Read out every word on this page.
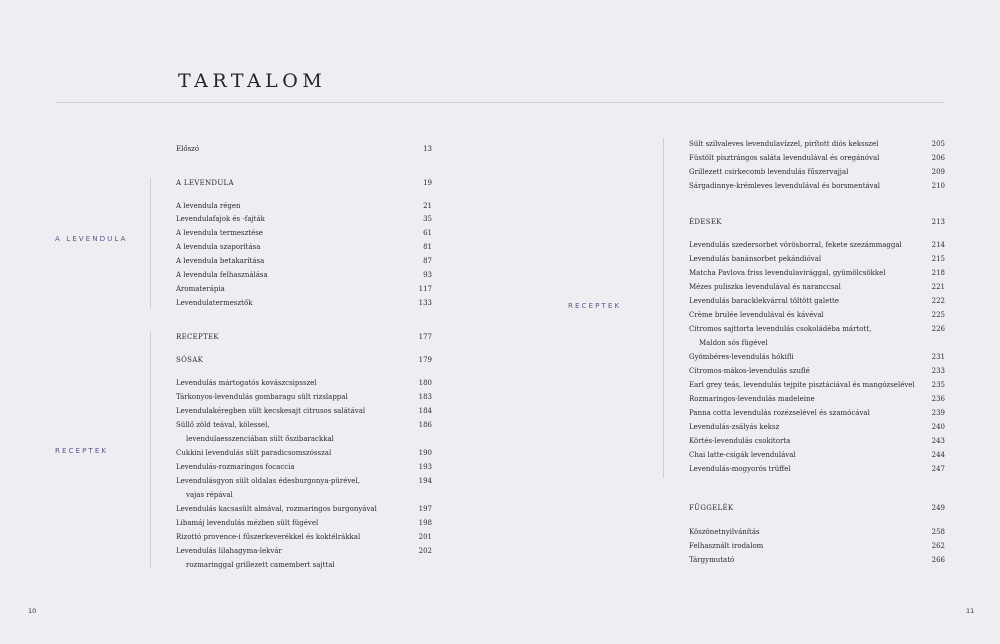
TARTALOM
A LEVENDULA
RECEPTEK
RECEPTEK
Előszó	13
A LEVENDULA	19
A levendula régen	21
Levendulafajok és -fajták	35
A levendula termesztése	61
A levendula szaporítása	81
A levendula betakarítása	87
A levendula felhasználása	93
Aromaterápia	117
Levendulatermesztők	133
RECEPTEK	177
SÓSAK	179
Levendulás mártogatós kovászcsipsszel	180
Tárkonyos-levendulás gombaragu sült rizslappal	183
Levendulakéregben sült kecskesajt citrusos salátával	184
Süllő zöld teával, kölessel,	186
levendulaesszenciában sült őszibarackkal
Cukkini levendulás sült paradicsomszósszal	190
Levendulás-rozmaringos focaccia	193
Levendulásgyon sült oldalas édesburgonya-pürével,	194
vajas répával
Levendulás kacsasült almával, rozmaringos burgonyával	197
Libamáj levendulás mézben sült fügével	198
Rizottó provence-i fűszerkeverékkel és koktélrákkal	201
Levendulás lilahagyma-lekvár	202
rozmaringgal grillezett camembert sajttal
Sült szilvaleves levendulavízzel, pirított diós keksszel	205
Füstölt pisztrángos saláta levendulával és oregánóval	206
Grillezett csirkecomb levendulás fűszervajjal	209
Sárgadinnye-krémleves levendulával és borsmentával	210
ÉDESEK	213
Levendulás szedersorbet vörösborral, fekete szezámmaggal	214
Levendulás banánsorbet pekándióval	215
Matcha Pavlova friss levendulavirággal, gyümölcsökkel	218
Mézes puliszka levendulával és naranccsal	221
Levendulás baracklekvárral töltött galette	222
Crème brulée levendulával és kávéval	225
Citromos sajttorta levendulás csokoládéba mártott,	226
Maldon sós fügével
Gyömbéres-levendulás hókifli	231
Citromos-mákos-levendulás szuflé	233
Earl grey teás, levendulás tejpite pisztáciával és mangózselével 235
Rozmaringos-levendulás madeleine	236
Panna cotta levendulás rozézselével és szamócával	239
Levendulás-zsályás keksz	240
Körtés-levendulás csokitorta	243
Chai latte-csigák levendulával	244
Levendulás-mogyorós trüffel	247
FÜGGELÉK	249
Köszönetnyilvánítás	258
Felhasznált irodalom	262
Tárgymutató	266
10	11
